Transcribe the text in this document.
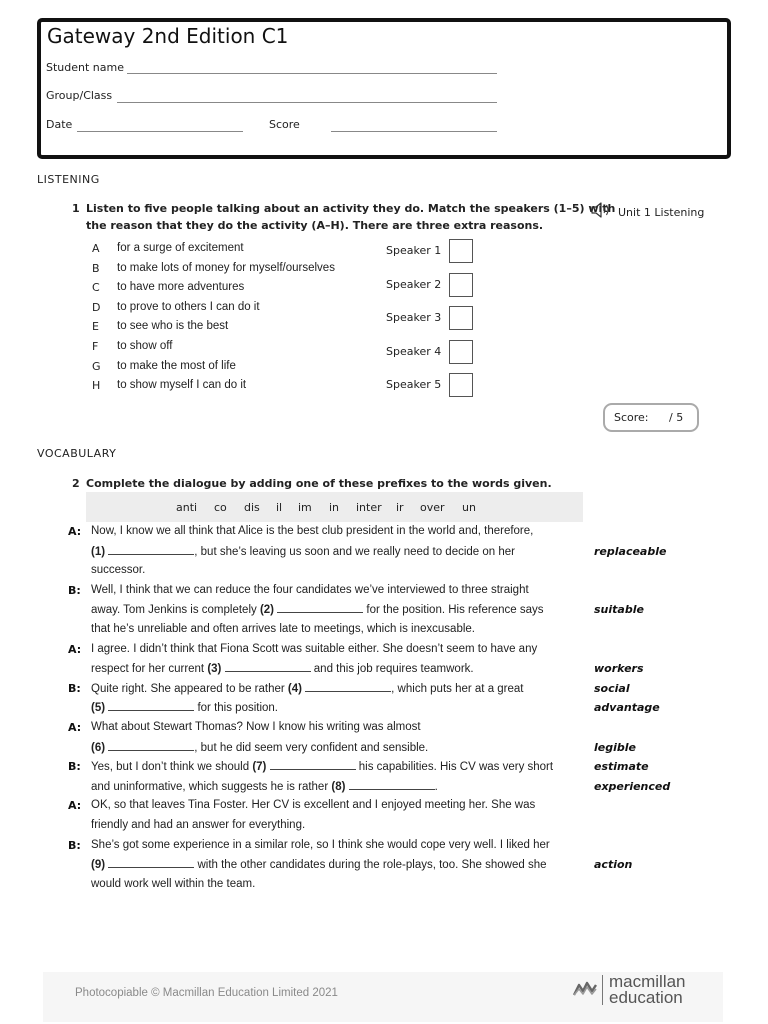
Gateway 2nd Edition C1
Student name
Group/Class
Date	Score
LISTENING
1 Listen to five people talking about an activity they do. Match the speakers (1–5) with
the reason that they do the activity (A–H). There are three extra reasons.
Unit 1 Listening
A for a surge of excitement
B to make lots of money for myself/ourselves
C to have more adventures
D to prove to others I can do it
E to see who is the best
F to show off
G to make the most of life
H to show myself I can do it
Speaker 1
Speaker 2
Speaker 3
Speaker 4
Speaker 5
Score: / 5
VOCABULARY
2 Complete the dialogue by adding one of these prefixes to the words given.
anti co dis il im in inter ir over un
A: Now, I know we all think that Alice is the best club president in the world and, therefore,
(1)	, but she’s leaving us soon and we really need to decide on her	replaceable
successor.
B: Well, I think that we can reduce the four candidates we’ve interviewed to three straight
away. Tom Jenkins is completely (2)	for the position. His reference says	suitable
that he’s unreliable and often arrives late to meetings, which is inexcusable.
A: I agree. I didn’t think that Fiona Scott was suitable either. She doesn’t seem to have any
respect for her current (3)	and this job requires teamwork.	workers
B: Quite right. She appeared to be rather (4)	, which puts her at a great	social
(5)	for this position.	advantage
A: What about Stewart Thomas? Now I know his writing was almost
(6)	, but he did seem very confident and sensible.	legible
B: Yes, but I don’t think we should (7)	his capabilities. His CV was very short	estimate
and uninformative, which suggests he is rather (8)	.	experienced
A: OK, so that leaves Tina Foster. Her CV is excellent and I enjoyed meeting her. She was
friendly and had an answer for everything.
B: She’s got some experience in a similar role, so I think she would cope very well. I liked her
(9)	with the other candidates during the role-plays, too. She showed she	action
would work well within the team.
Photocopiable © Macmillan Education Limited 2021
macmillan
education
